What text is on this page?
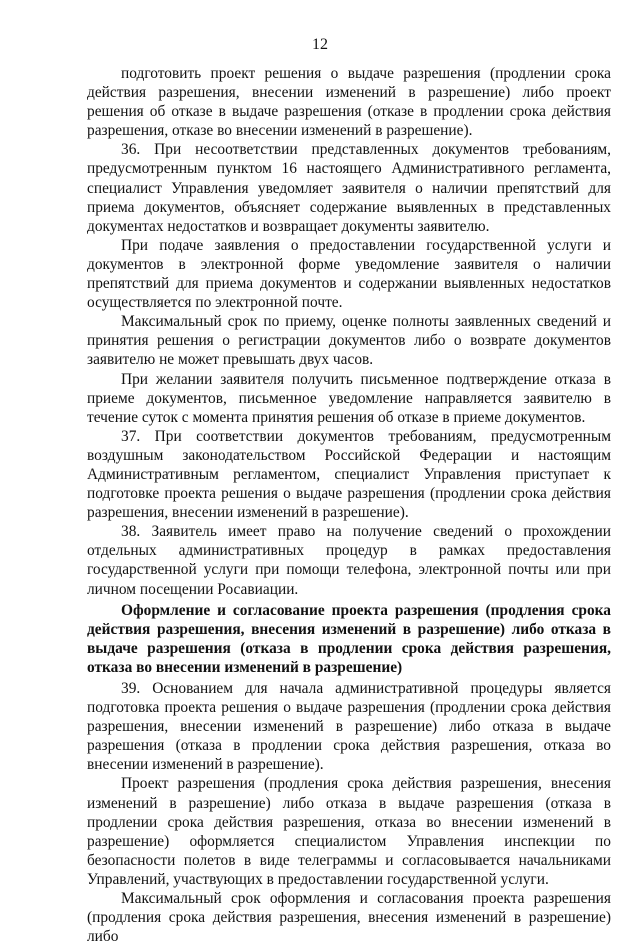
12

подготовить проект решения о выдаче разрешения (продлении срока действия разрешения, внесении изменений в разрешение) либо проект решения об отказе в выдаче разрешения (отказе в продлении срока действия разрешения, отказе во внесении изменений в разрешение).

36. При несоответствии представленных документов требованиям, предусмотренным пунктом 16 настоящего Административного регламента, специалист Управления уведомляет заявителя о наличии препятствий для приема документов, объясняет содержание выявленных в представленных документах недостатков и возвращает документы заявителю.

При подаче заявления о предоставлении государственной услуги и документов в электронной форме уведомление заявителя о наличии препятствий для приема документов и содержании выявленных недостатков осуществляется по электронной почте.

Максимальный срок по приему, оценке полноты заявленных сведений и принятия решения о регистрации документов либо о возврате документов заявителю не может превышать двух часов.

При желании заявителя получить письменное подтверждение отказа в приеме документов, письменное уведомление направляется заявителю в течение суток с момента принятия решения об отказе в приеме документов.

37. При соответствии документов требованиям, предусмотренным воздушным законодательством Российской Федерации и настоящим Административным регламентом, специалист Управления приступает к подготовке проекта решения о выдаче разрешения (продлении срока действия разрешения, внесении изменений в разрешение).

38. Заявитель имеет право на получение сведений о прохождении отдельных административных процедур в рамках предоставления государственной услуги при помощи телефона, электронной почты или при личном посещении Росавиации.

Оформление и согласование проекта разрешения (продления срока действия разрешения, внесения изменений в разрешение) либо отказа в выдаче разрешения (отказа в продлении срока действия разрешения, отказа во внесении изменений в разрешение)

39. Основанием для начала административной процедуры является подготовка проекта решения о выдаче разрешения (продлении срока действия разрешения, внесении изменений в разрешение) либо отказа в выдаче разрешения (отказа в продлении срока действия разрешения, отказа во внесении изменений в разрешение).

Проект разрешения (продления срока действия разрешения, внесения изменений в разрешение) либо отказа в выдаче разрешения (отказа в продлении срока действия разрешения, отказа во внесении изменений в разрешение) оформляется специалистом Управления инспекции по безопасности полетов в виде телеграммы и согласовывается начальниками Управлений, участвующих в предоставлении государственной услуги.

Максимальный срок оформления и согласования проекта разрешения (продления срока действия разрешения, внесения изменений в разрешение) либо
